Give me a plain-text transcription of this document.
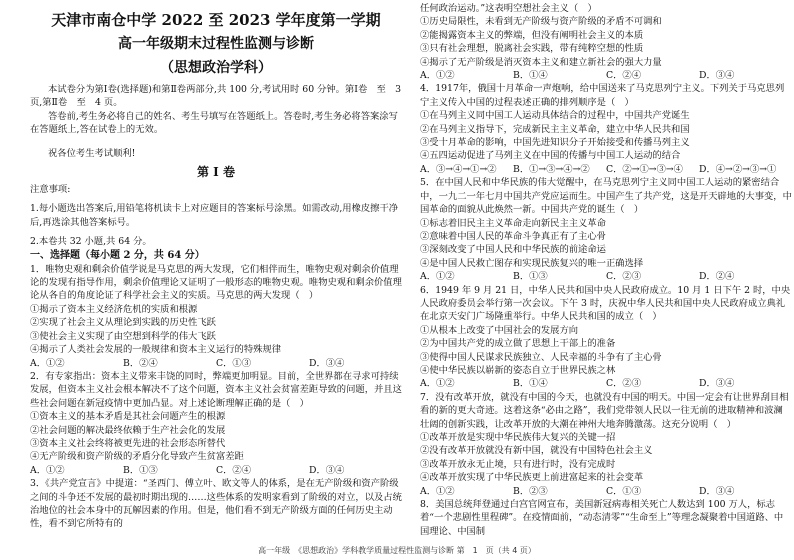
天津市南仓中学 2022 至 2023 学年度第一学期
高一年级期末过程性监测与诊断
（思想政治学科）
本试卷分为第Ⅰ卷(选择题)和第Ⅱ卷两部分,共 100 分,考试用时 60 分钟。第Ⅰ卷　至　3　页,第Ⅱ卷　至　4 页。
答卷前,考生务必将自己的姓名、考生号填写在答题纸上。答卷时,考生务必将答案涂写在答题纸上,答在试卷上的无效。
祝各位考生考试顺利!
第 Ⅰ 卷
注意事项:
1.每小题选出答案后,用铅笔将机读卡上对应题目的答案标号涂黑。如需改动,用橡皮擦干净后,再选涂其他答案标号。
2.本卷共 32 小题,共 64 分。
一、选择题（每小题 2 分，共 64 分）
1．唯物史观和剩余价值学说是马克思的两大发现，它们相伴而生，唯物史观对剩余价值理论的发现有指导作用，剩余价值理论又证明了一般形态的唯物史观。唯物史观和剩余价值理论从各自的角度论证了科学社会主义的实质。马克思的两大发现（　）
①揭示了资本主义经济危机的实质和根源
②实现了社会主义从理论到实践的历史性飞跃
③使社会主义实现了由空想到科学的伟大飞跃
④揭示了人类社会发展的一般规律和资本主义运行的特殊规律
A．①②	B．②④	C．①③	D．③④
2．有专家指出：资本主义带来丰饶的同时，弊端更加明显。目前，全世界都在寻求可持续发展，但资本主义社会根本解决不了这个问题，资本主义社会贫富差距导致的问题，并且这些社会问题在新冠疫情中更加凸显。对上述论断理解正确的是（　）
①资本主义的基本矛盾是其社会问题产生的根源
②社会问题的解决最终依赖于生产社会化的发展
③资本主义社会终将被更先进的社会形态所替代
④无产阶级和资产阶级的矛盾分化导致产生贫富差距
A．①②	B．①③	C．②④	D．③④
3．《共产党宣言》中提道：“圣西门、傅立叶、欧文等人的体系，是在无产阶级和资产阶级之间的斗争还不发展的最初时期出现的……这些体系的发明家看到了阶级的对立，以及占统治地位的社会本身中的瓦解因素的作用。但是，他们看不到无产阶级方面的任何历史主动性，看不到它所特有的
任何政治运动。”这表明空想社会主义（　）
①历史局限性，未看到无产阶级与资产阶级的矛盾不可调和
②能揭露资本主义的弊端，但没有阐明社会主义的本质
③只有社会理想，脱离社会实践，带有纯粹空想的性质
④揭示了无产阶级是消灭资本主义和建立新社会的强大力量
A．①②	B．①④	C．②④	D．③④
4．1917年，俄国十月革命一声炮响，给中国送来了马克思列宁主义。下列关于马克思列宁主义传入中国的过程表述正确的排列顺序是（　）
①在马列主义同中国工人运动具体结合的过程中，中国共产党诞生
②在马列主义指导下，完成新民主主义革命，建立中华人民共和国
③受十月革命的影响，中国先进知识分子开始接受和传播马列主义
④五四运动促进了马列主义在中国的传播与中国工人运动的结合
A．③→④→①→②	B．①→③→④→②	C．②→①→③→④	D．④→②→③→①
5．在中国人民和中华民族的伟大觉醒中，在马克思列宁主义同中国工人运动的紧密结合中，一九二一年七月中国共产党应运而生。中国产生了共产党，这是开天辟地的大事变，中国革命的面貌从此焕然一新。中国共产党的诞生（　）
①标志着旧民主主义革命走向新民主主义革命
②意味着中国人民的革命斗争真正有了主心骨
③深刻改变了中国人民和中华民族的前途命运
④是中国人民救亡图存和实现民族复兴的唯一正确选择
A．①②	B．①③	C．②③	D．②④
6．1949 年 9 月 21 日，中华人民共和国中央人民政府成立。10 月 1 日下午 2 时，中央人民政府委员会举行第一次会议。下午 3 时，庆祝中华人民共和国中央人民政府成立典礼在北京天安门广场隆重举行。中华人民共和国的成立（　）
①从根本上改变了中国社会的发展方向
②为中国共产党的成立做了思想上干部上的准备
③使得中国人民谋求民族独立、人民幸福的斗争有了主心骨
④使中华民族以崭新的姿态自立于世界民族之林
A．①②	B．①④	C．②③	D．③④
7．没有改革开放，就没有中国的今天，也就没有中国的明天。中国一定会有让世界刮目相看的新的更大奇迹。这着这条“必由之路”，我们党带领人民以一往无前的进取精神和波澜壮阔的创新实践，让改革开放的大潮在神州大地奔腾激荡。这充分说明（　）
①改革开放是实现中华民族伟大复兴的关键一招
②没有改革开放就没有新中国，就没有中国特色社会主义
③改革开放永无止境，只有进行时，没有完成时
④改革开放实现了中华民族更上前进富起来的社会变革
A．①②	B．②③	C．①③	D．③④
8．美国总统拜登通过白宫官网宣布，美国新冠病毒相关死亡人数达到 100 万人，标志着“一个悲剧性里程碑”。在疫情面前，“动态清零”“生命至上”等理念凝聚着中国道路、中国理论、中国制
高一年级　《思想政治》学科教学质量过程性监测与诊断 第　1　页（共 4 页）
